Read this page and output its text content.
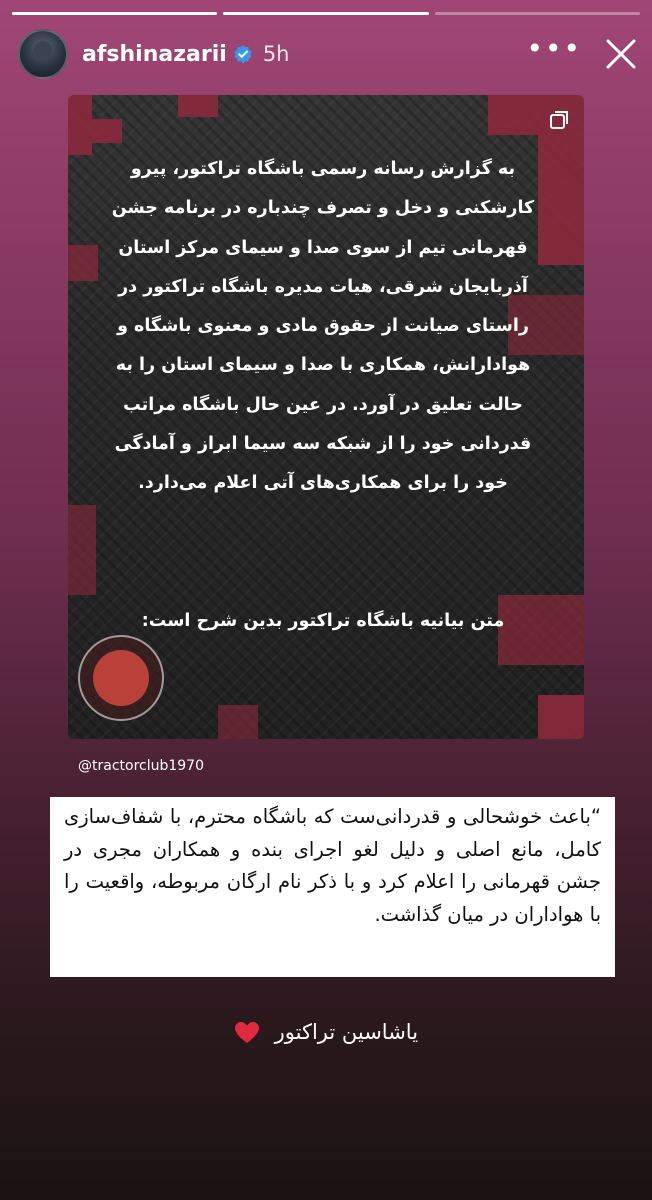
afshinazarii 5h	•••
به گزارش رسانه رسمی باشگاه تراکتور، پیرو کارشکنی و دخل و تصرف چندباره در برنامه جشن قهرمانی تیم از سوی صدا و سیمای مرکز استان آذربایجان شرقی، هیات مدیره باشگاه تراکتور در راستای صیانت از حقوق مادی و معنوی باشگاه و هوادارانش، همکاری با صدا و سیمای استان را به حالت تعلیق در آورد. در عین حال باشگاه مراتب قدردانی خود را از شبکه سه سیما ابراز و آمادگی خود را برای همکاری‌های آتی اعلام می‌دارد.
متن بیانیه باشگاه تراکتور بدین شرح است:
@tractorclub1970
“باعث خوشحالی و قدردانی‌ست که باشگاه محترم، با شفاف‌سازی کامل، مانع اصلی و دلیل لغو اجرای بنده و همکاران مجری در جشن قهرمانی را اعلام کرد و با ذکر نام ارگان مربوطه، واقعیت را با هواداران در میان گذاشت.
یاشاسین تراکتور
